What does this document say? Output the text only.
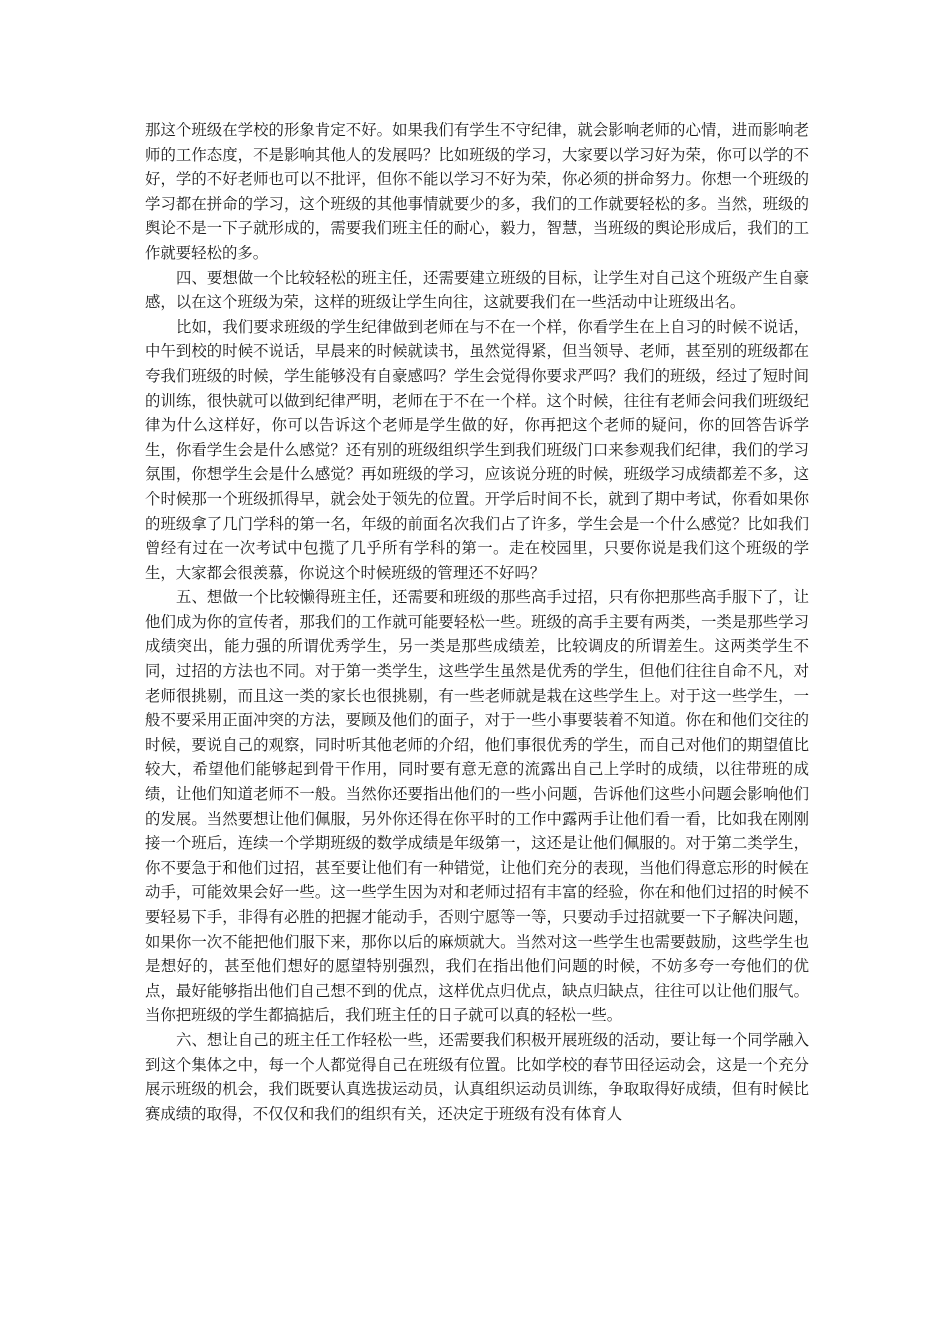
那这个班级在学校的形象肯定不好。如果我们有学生不守纪律，就会影响老师的心情，进而影响老师的工作态度，不是影响其他人的发展吗？比如班级的学习，大家要以学习好为荣，你可以学的不好，学的不好老师也可以不批评，但你不能以学习不好为荣，你必须的拼命努力。你想一个班级的学习都在拼命的学习，这个班级的其他事情就要少的多，我们的工作就要轻松的多。当然，班级的舆论不是一下子就形成的，需要我们班主任的耐心，毅力，智慧，当班级的舆论形成后，我们的工作就要轻松的多。

四、要想做一个比较轻松的班主任，还需要建立班级的目标，让学生对自己这个班级产生自豪感，以在这个班级为荣，这样的班级让学生向往，这就要我们在一些活动中让班级出名。

比如，我们要求班级的学生纪律做到老师在与不在一个样，你看学生在上自习的时候不说话，中午到校的时候不说话，早晨来的时候就读书，虽然觉得紧，但当领导、老师，甚至别的班级都在夸我们班级的时候，学生能够没有自豪感吗？学生会觉得你要求严吗？我们的班级，经过了短时间的训练，很快就可以做到纪律严明，老师在于不在一个样。这个时候，往往有老师会问我们班级纪律为什么这样好，你可以告诉这个老师是学生做的好，你再把这个老师的疑问，你的回答告诉学生，你看学生会是什么感觉？还有别的班级组织学生到我们班级门口来参观我们纪律，我们的学习氛围，你想学生会是什么感觉？再如班级的学习，应该说分班的时候，班级学习成绩都差不多，这个时候那一个班级抓得早，就会处于领先的位置。开学后时间不长，就到了期中考试，你看如果你的班级拿了几门学科的第一名，年级的前面名次我们占了许多，学生会是一个什么感觉？比如我们曾经有过在一次考试中包揽了几乎所有学科的第一。走在校园里，只要你说是我们这个班级的学生，大家都会很羡慕，你说这个时候班级的管理还不好吗？

五、想做一个比较懒得班主任，还需要和班级的那些高手过招，只有你把那些高手服下了，让他们成为你的宣传者，那我们的工作就可能要轻松一些。班级的高手主要有两类，一类是那些学习成绩突出，能力强的所谓优秀学生，另一类是那些成绩差，比较调皮的所谓差生。这两类学生不同，过招的方法也不同。对于第一类学生，这些学生虽然是优秀的学生，但他们往往自命不凡，对老师很挑剔，而且这一类的家长也很挑剔，有一些老师就是栽在这些学生上。对于这一些学生，一般不要采用正面冲突的方法，要顾及他们的面子，对于一些小事要装着不知道。你在和他们交往的时候，要说自己的观察，同时听其他老师的介绍，他们事很优秀的学生，而自己对他们的期望值比较大，希望他们能够起到骨干作用，同时要有意无意的流露出自己上学时的成绩，以往带班的成绩，让他们知道老师不一般。当然你还要指出他们的一些小问题，告诉他们这些小问题会影响他们的发展。当然要想让他们佩服，另外你还得在你平时的工作中露两手让他们看一看，比如我在刚刚接一个班后，连续一个学期班级的数学成绩是年级第一，这还是让他们佩服的。对于第二类学生，你不要急于和他们过招，甚至要让他们有一种错觉，让他们充分的表现，当他们得意忘形的时候在动手，可能效果会好一些。这一些学生因为对和老师过招有丰富的经验，你在和他们过招的时候不要轻易下手，非得有必胜的把握才能动手，否则宁愿等一等，只要动手过招就要一下子解决问题，如果你一次不能把他们服下来，那你以后的麻烦就大。当然对这一些学生也需要鼓励，这些学生也是想好的，甚至他们想好的愿望特别强烈，我们在指出他们问题的时候，不妨多夸一夸他们的优点，最好能够指出他们自己想不到的优点，这样优点归优点，缺点归缺点，往往可以让他们服气。当你把班级的学生都搞掂后，我们班主任的日子就可以真的轻松一些。

六、想让自己的班主任工作轻松一些，还需要我们积极开展班级的活动，要让每一个同学融入到这个集体之中，每一个人都觉得自己在班级有位置。比如学校的春节田径运动会，这是一个充分展示班级的机会，我们既要认真选拔运动员，认真组织运动员训练，争取取得好成绩，但有时候比赛成绩的取得，不仅仅和我们的组织有关，还决定于班级有没有体育人
